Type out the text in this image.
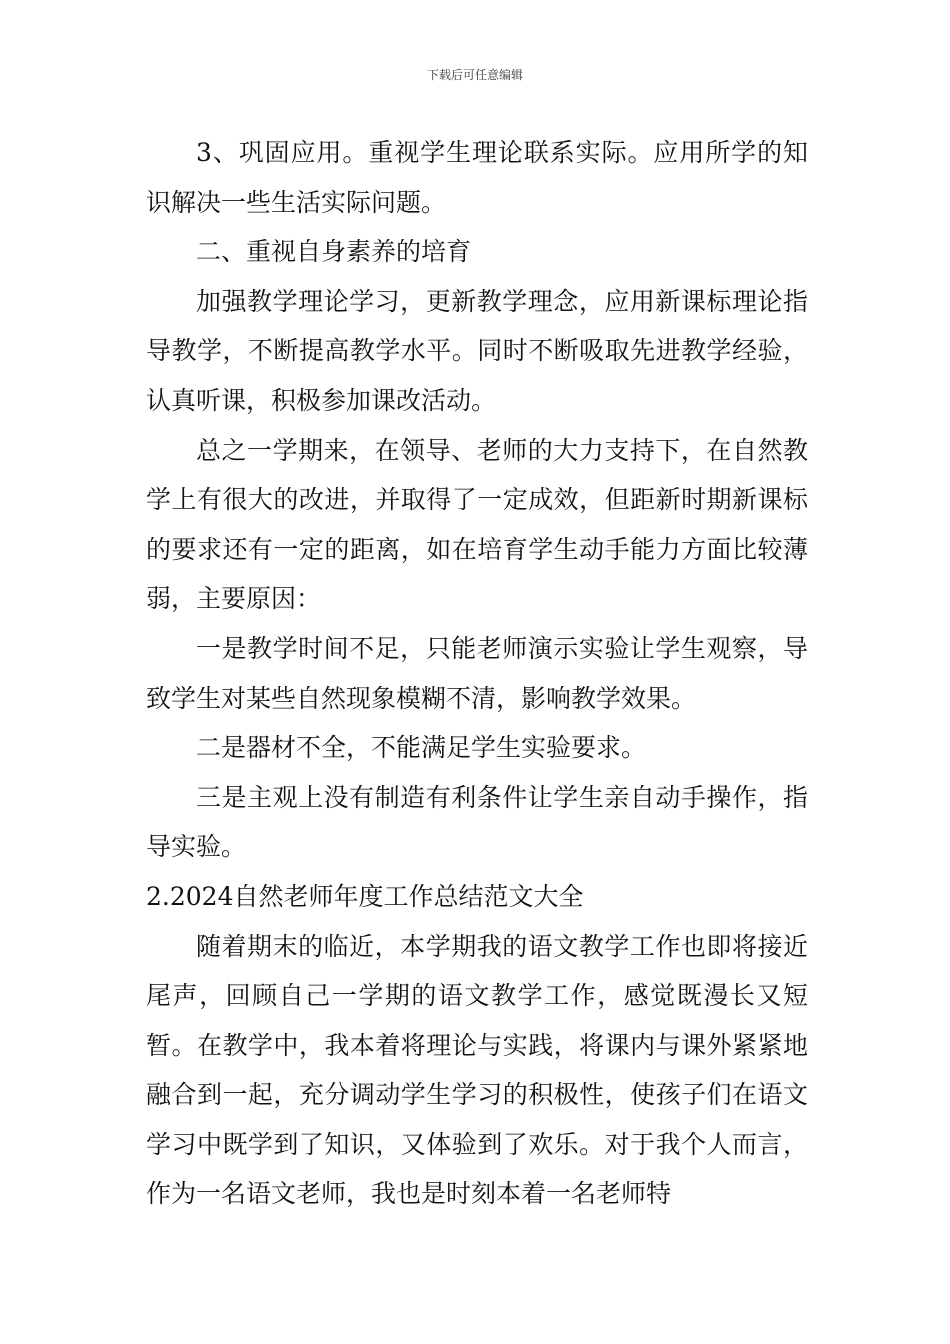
下载后可任意编辑

3、巩固应用。重视学生理论联系实际。应用所学的知识解决一些生活实际问题。

二、重视自身素养的培育

加强教学理论学习，更新教学理念，应用新课标理论指导教学，不断提高教学水平。同时不断吸取先进教学经验，认真听课，积极参加课改活动。

总之一学期来，在领导、老师的大力支持下，在自然教学上有很大的改进，并取得了一定成效，但距新时期新课标的要求还有一定的距离，如在培育学生动手能力方面比较薄弱，主要原因：

一是教学时间不足，只能老师演示实验让学生观察，导致学生对某些自然现象模糊不清，影响教学效果。

二是器材不全，不能满足学生实验要求。

三是主观上没有制造有利条件让学生亲自动手操作，指导实验。

2.2024自然老师年度工作总结范文大全

随着期末的临近，本学期我的语文教学工作也即将接近尾声，回顾自己一学期的语文教学工作，感觉既漫长又短暂。在教学中，我本着将理论与实践，将课内与课外紧紧地融合到一起，充分调动学生学习的积极性，使孩子们在语文学习中既学到了知识，又体验到了欢乐。对于我个人而言，作为一名语文老师，我也是时刻本着一名老师特
